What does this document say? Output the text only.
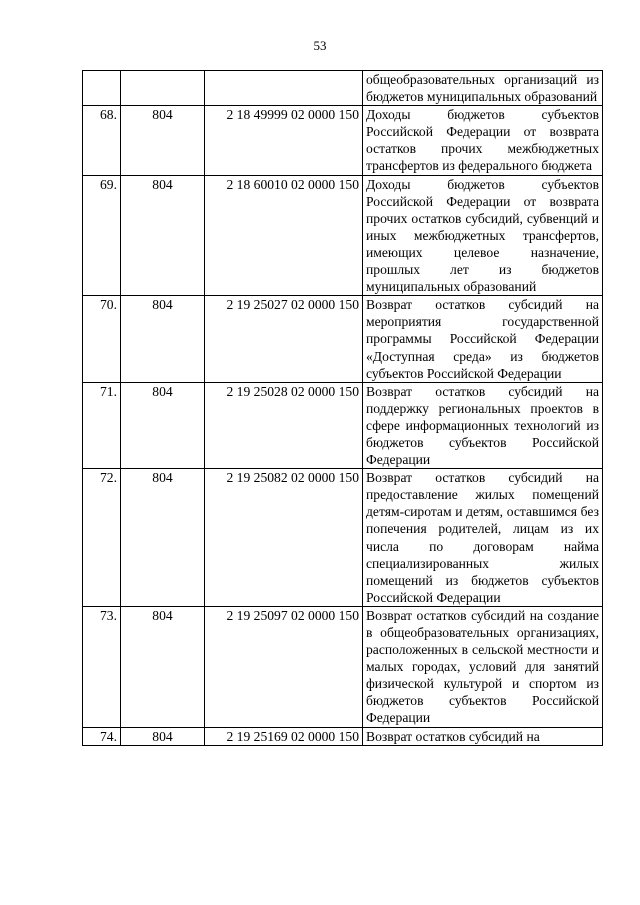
53
			общеобразовательных организаций из бюджетов муниципальных образований
68.	804	2 18 49999 02 0000 150	Доходы бюджетов субъектов Российской Федерации от возврата остатков прочих межбюджетных трансфертов из федерального бюджета
69.	804	2 18 60010 02 0000 150	Доходы бюджетов субъектов Российской Федерации от возврата прочих остатков субсидий, субвенций и иных межбюджетных трансфертов, имеющих целевое назначение, прошлых лет из бюджетов муниципальных образований
70.	804	2 19 25027 02 0000 150	Возврат остатков субсидий на мероприятия государственной программы Российской Федерации «Доступная среда» из бюджетов субъектов Российской Федерации
71.	804	2 19 25028 02 0000 150	Возврат остатков субсидий на поддержку региональных проектов в сфере информационных технологий из бюджетов субъектов Российской Федерации
72.	804	2 19 25082 02 0000 150	Возврат остатков субсидий на предоставление жилых помещений детям-сиротам и детям, оставшимся без попечения родителей, лицам из их числа по договорам найма специализированных жилых помещений из бюджетов субъектов Российской Федерации
73.	804	2 19 25097 02 0000 150	Возврат остатков субсидий на создание в общеобразовательных организациях, расположенных в сельской местности и малых городах, условий для занятий физической культурой и спортом из бюджетов субъектов Российской Федерации
74.	804	2 19 25169 02 0000 150	Возврат остатков субсидий на
